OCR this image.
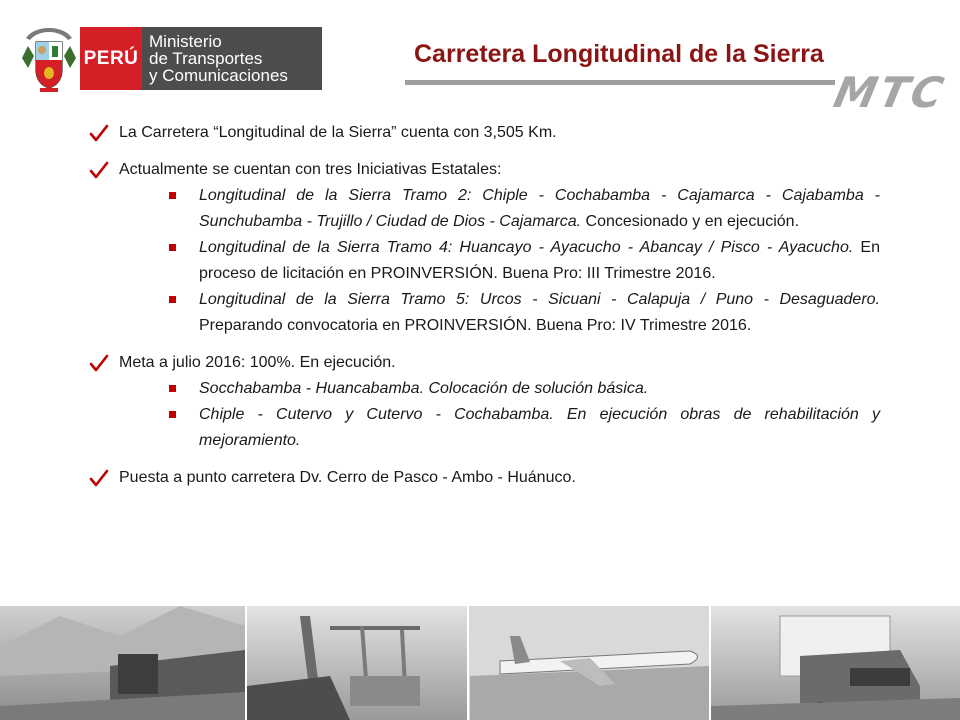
PERÚ
Ministerio
de Transportes
y Comunicaciones
Carretera Longitudinal de la Sierra
MTC
La Carretera “Longitudinal de la Sierra” cuenta con 3,505 Km.
Actualmente se cuentan con tres Iniciativas Estatales:
Longitudinal de la Sierra Tramo 2: Chiple - Cochabamba - Cajamarca - Cajabamba - Sunchubamba - Trujillo / Ciudad de Dios - Cajamarca. Concesionado y en ejecución.
Longitudinal de la Sierra Tramo 4: Huancayo - Ayacucho - Abancay / Pisco - Ayacucho. En proceso de licitación en PROINVERSIÓN. Buena Pro: III Trimestre 2016.
Longitudinal de la Sierra Tramo 5: Urcos - Sicuani - Calapuja / Puno - Desaguadero. Preparando convocatoria en PROINVERSIÓN. Buena Pro: IV Trimestre 2016.
Meta a julio 2016: 100%. En ejecución.
Socchabamba - Huancabamba. Colocación de solución básica.
Chiple - Cutervo y Cutervo - Cochabamba. En ejecución obras de rehabilitación y mejoramiento.
Puesta a punto carretera Dv. Cerro de Pasco - Ambo - Huánuco.
